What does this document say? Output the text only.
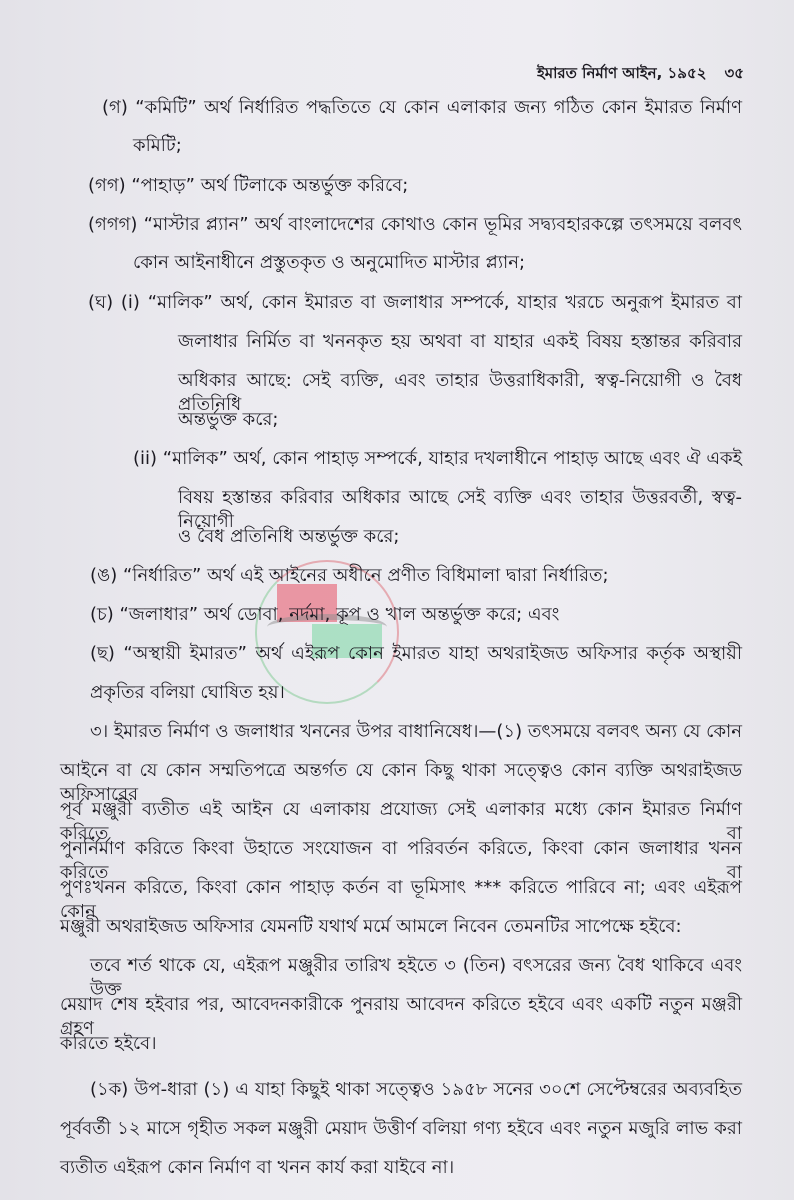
ইমারত নির্মাণ আইন, ১৯৫২ ৩৫
(গ) “কমিটি” অর্থ নির্ধারিত পদ্ধতিতে যে কোন এলাকার জন্য গঠিত কোন ইমারত নির্মাণ
কমিটি;
(গগ) “পাহাড়” অর্থ টিলাকে অন্তর্ভুক্ত করিবে;
(গগগ) “মাস্টার প্ল্যান” অর্থ বাংলাদেশের কোথাও কোন ভূমির সদ্ব্যবহারকল্পে তৎসময়ে বলবৎ
কোন আইনাধীনে প্রস্তুতকৃত ও অনুমোদিত মাস্টার প্ল্যান;
(ঘ) (i) “মালিক” অর্থ, কোন ইমারত বা জলাধার সম্পর্কে, যাহার খরচে অনুরূপ ইমারত বা
জলাধার নির্মিত বা খননকৃত হয় অথবা বা যাহার একই বিষয় হস্তান্তর করিবার
অধিকার আছে: সেই ব্যক্তি, এবং তাহার উত্তরাধিকারী, স্বত্ব-নিয়োগী ও বৈধ প্রতিনিধি
অন্তর্ভুক্ত করে;
(ii) “মালিক” অর্থ, কোন পাহাড় সম্পর্কে, যাহার দখলাধীনে পাহাড় আছে এবং ঐ একই
বিষয় হস্তান্তর করিবার অধিকার আছে সেই ব্যক্তি এবং তাহার উত্তরবর্তী, স্বত্ব-নিয়োগী
ও বৈধ প্রতিনিধি অন্তর্ভুক্ত করে;
(ঙ) “নির্ধারিত” অর্থ এই আইনের অধীনে প্রণীত বিধিমালা দ্বারা নির্ধারিত;
(চ) “জলাধার” অর্থ ডোবা, নর্দমা, কূপ ও খাল অন্তর্ভুক্ত করে; এবং
(ছ) “অস্থায়ী ইমারত” অর্থ এইরূপ কোন ইমারত যাহা অথরাইজড অফিসার কর্তৃক অস্থায়ী
প্রকৃতির বলিয়া ঘোষিত হয়।
৩। ইমারত নির্মাণ ও জলাধার খননের উপর বাধানিষেধ।—(১) তৎসময়ে বলবৎ অন্য যে কোন
আইনে বা যে কোন সম্মতিপত্রে অন্তর্গত যে কোন কিছু থাকা সত্ত্বেও কোন ব্যক্তি অথরাইজড অফিসারের
পূর্ব মঞ্জুরী ব্যতীত এই আইন যে এলাকায় প্রযোজ্য সেই এলাকার মধ্যে কোন ইমারত নির্মাণ করিতে বা
পুনর্নির্মাণ করিতে কিংবা উহাতে সংযোজন বা পরিবর্তন করিতে, কিংবা কোন জলাধার খনন করিতে বা
পুণঃখনন করিতে, কিংবা কোন পাহাড় কর্তন বা ভূমিসাৎ *** করিতে পারিবে না; এবং এইরূপ কোন
মঞ্জুরী অথরাইজড অফিসার যেমনটি যথার্থ মর্মে আমলে নিবেন তেমনটির সাপেক্ষে হইবে:
তবে শর্ত থাকে যে, এইরূপ মঞ্জুরীর তারিখ হইতে ৩ (তিন) বৎসরের জন্য বৈধ থাকিবে এবং উক্ত
মেয়াদ শেষ হইবার পর, আবেদনকারীকে পুনরায় আবেদন করিতে হইবে এবং একটি নতুন মঞ্জরী গ্রহণ
করিতে হইবে।
(১ক) উপ-ধারা (১) এ যাহা কিছুই থাকা সত্ত্বেও ১৯৫৮ সনের ৩০শে সেপ্টেম্বরের অব্যবহিত
পূর্ববর্তী ১২ মাসে গৃহীত সকল মঞ্জুরী মেয়াদ উত্তীর্ণ বলিয়া গণ্য হইবে এবং নতুন মজুরি লাভ করা
ব্যতীত এইরূপ কোন নির্মাণ বা খনন কার্য করা যাইবে না।
